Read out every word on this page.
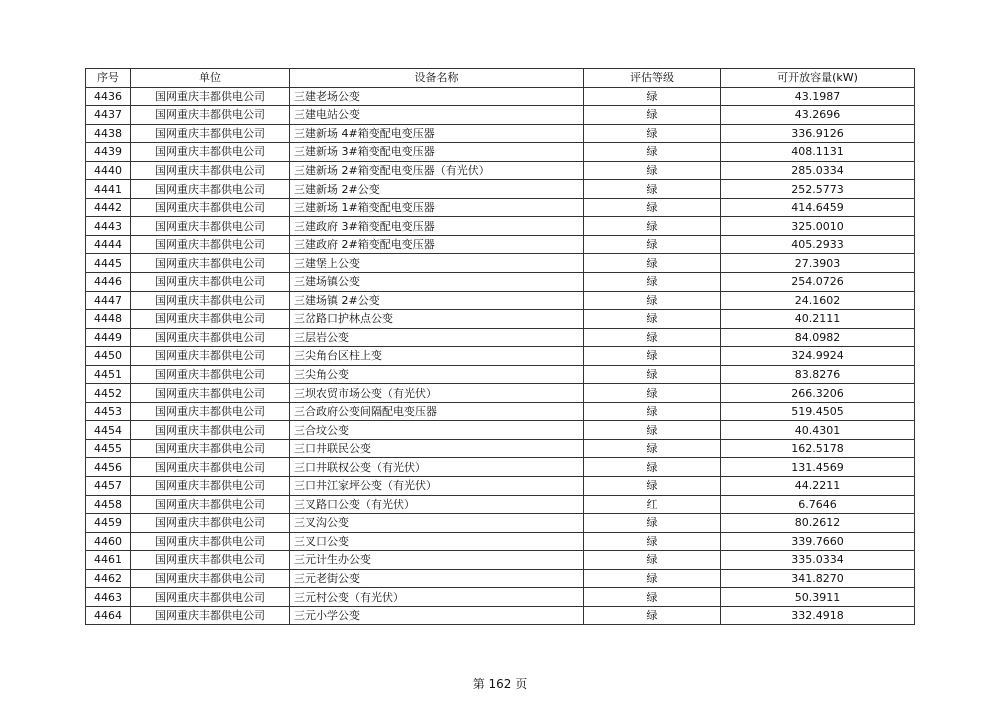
序号	单位	设备名称	评估等级	可开放容量(kW)
4436	国网重庆丰都供电公司	三建老场公变	绿	43.1987
4437	国网重庆丰都供电公司	三建电站公变	绿	43.2696
4438	国网重庆丰都供电公司	三建新场 4#箱变配电变压器	绿	336.9126
4439	国网重庆丰都供电公司	三建新场 3#箱变配电变压器	绿	408.1131
4440	国网重庆丰都供电公司	三建新场 2#箱变配电变压器（有光伏）	绿	285.0334
4441	国网重庆丰都供电公司	三建新场 2#公变	绿	252.5773
4442	国网重庆丰都供电公司	三建新场 1#箱变配电变压器	绿	414.6459
4443	国网重庆丰都供电公司	三建政府 3#箱变配电变压器	绿	325.0010
4444	国网重庆丰都供电公司	三建政府 2#箱变配电变压器	绿	405.2933
4445	国网重庆丰都供电公司	三建堡上公变	绿	27.3903
4446	国网重庆丰都供电公司	三建场镇公变	绿	254.0726
4447	国网重庆丰都供电公司	三建场镇 2#公变	绿	24.1602
4448	国网重庆丰都供电公司	三岔路口护林点公变	绿	40.2111
4449	国网重庆丰都供电公司	三层岩公变	绿	84.0982
4450	国网重庆丰都供电公司	三尖角台区柱上变	绿	324.9924
4451	国网重庆丰都供电公司	三尖角公变	绿	83.8276
4452	国网重庆丰都供电公司	三坝农贸市场公变（有光伏）	绿	266.3206
4453	国网重庆丰都供电公司	三合政府公变间隔配电变压器	绿	519.4505
4454	国网重庆丰都供电公司	三合坟公变	绿	40.4301
4455	国网重庆丰都供电公司	三口井联民公变	绿	162.5178
4456	国网重庆丰都供电公司	三口井联权公变（有光伏）	绿	131.4569
4457	国网重庆丰都供电公司	三口井江家坪公变（有光伏）	绿	44.2211
4458	国网重庆丰都供电公司	三叉路口公变（有光伏）	红	6.7646
4459	国网重庆丰都供电公司	三叉沟公变	绿	80.2612
4460	国网重庆丰都供电公司	三叉口公变	绿	339.7660
4461	国网重庆丰都供电公司	三元计生办公变	绿	335.0334
4462	国网重庆丰都供电公司	三元老街公变	绿	341.8270
4463	国网重庆丰都供电公司	三元村公变（有光伏）	绿	50.3911
4464	国网重庆丰都供电公司	三元小学公变	绿	332.4918
第 162 页
